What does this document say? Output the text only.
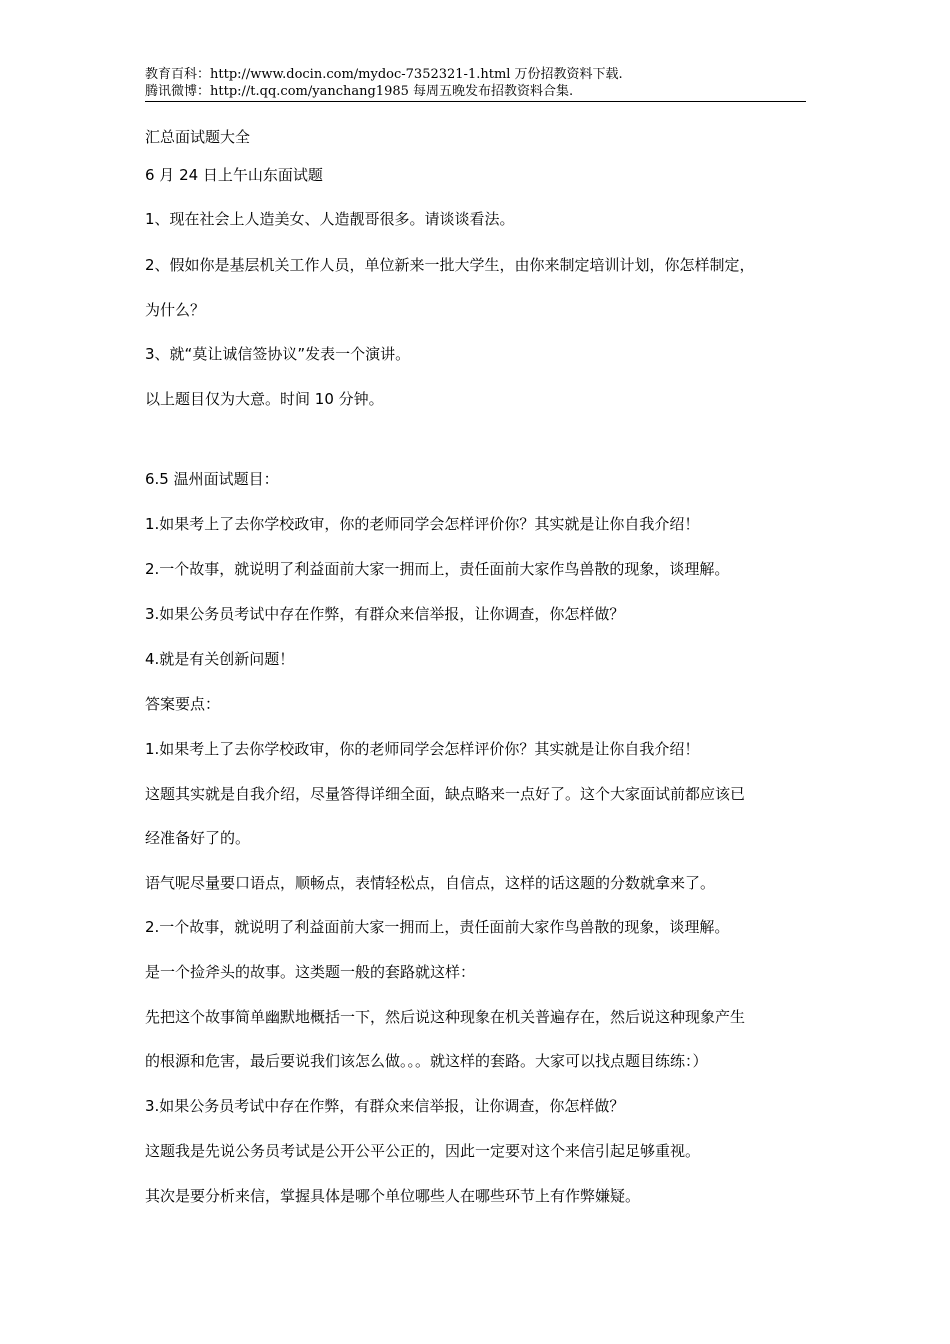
教育百科：http://www.docin.com/mydoc-7352321-1.html 万份招教资料下载.
腾讯微博：http://t.qq.com/yanchang1985 每周五晚发布招教资料合集.
汇总面试题大全
6 月 24 日上午山东面试题
1、现在社会上人造美女、人造靓哥很多。请谈谈看法。
2、假如你是基层机关工作人员，单位新来一批大学生，由你来制定培训计划，你怎样制定，
为什么？
3、就“莫让诚信签协议”发表一个演讲。
以上题目仅为大意。时间 10 分钟。
6.5 温州面试题目：
1.如果考上了去你学校政审，你的老师同学会怎样评价你？其实就是让你自我介绍！
2.一个故事，就说明了利益面前大家一拥而上，责任面前大家作鸟兽散的现象，谈理解。
3.如果公务员考试中存在作弊，有群众来信举报，让你调查，你怎样做？
4.就是有关创新问题！
答案要点：
1.如果考上了去你学校政审，你的老师同学会怎样评价你？其实就是让你自我介绍！
这题其实就是自我介绍，尽量答得详细全面，缺点略来一点好了。这个大家面试前都应该已
经准备好了的。
语气呢尽量要口语点，顺畅点，表情轻松点，自信点，这样的话这题的分数就拿来了。
2.一个故事，就说明了利益面前大家一拥而上，责任面前大家作鸟兽散的现象，谈理解。
是一个捡斧头的故事。这类题一般的套路就这样：
先把这个故事简单幽默地概括一下，然后说这种现象在机关普遍存在，然后说这种现象产生
的根源和危害，最后要说我们该怎么做。。。就这样的套路。大家可以找点题目练练：）
3.如果公务员考试中存在作弊，有群众来信举报，让你调查，你怎样做？
这题我是先说公务员考试是公开公平公正的，因此一定要对这个来信引起足够重视。
其次是要分析来信，掌握具体是哪个单位哪些人在哪些环节上有作弊嫌疑。
